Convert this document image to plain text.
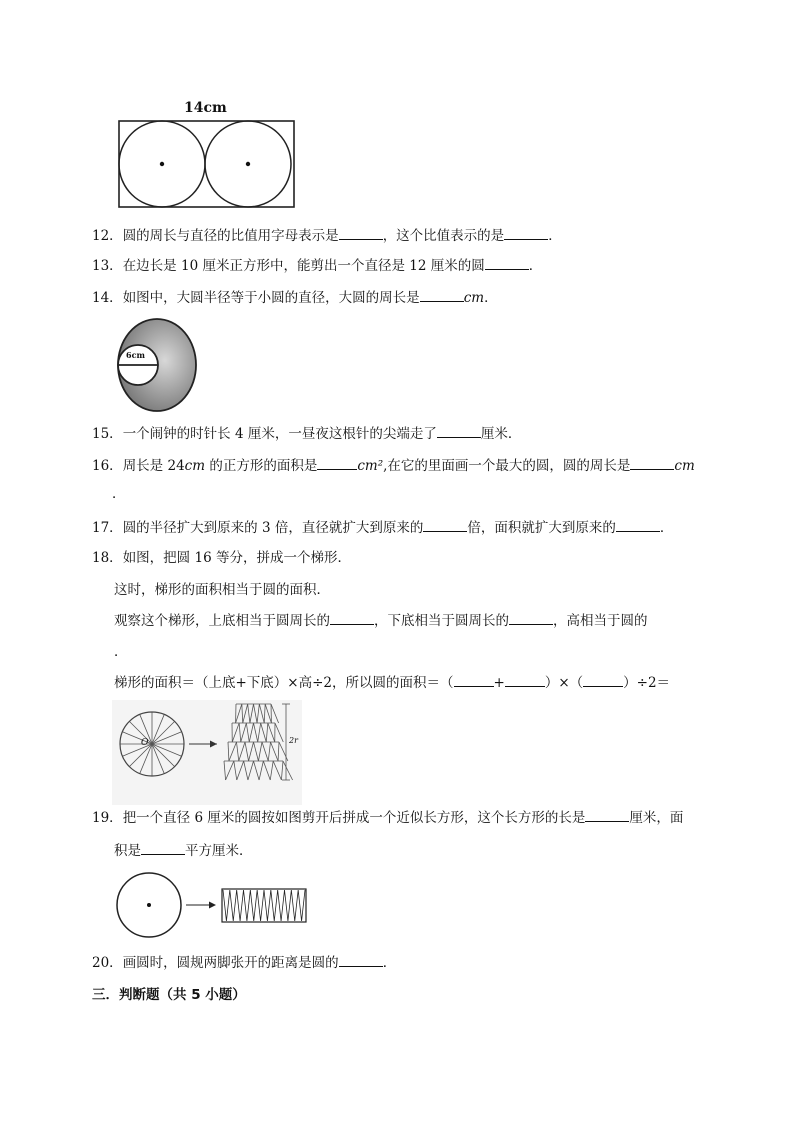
14cm
12．圆的周长与直径的比值用字母表示是	，这个比值表示的是	．
13．在边长是 10 厘米正方形中，能剪出一个直径是 12 厘米的圆	．
14．如图中，大圆半径等于小圆的直径，大圆的周长是	cm．
6cm
15．一个闹钟的时针长 4 厘米，一昼夜这根针的尖端走了	厘米．
16．周长是 24cm 的正方形的面积是	cm²,在它的里面画一个最大的圆，圆的周长是	cm
．
17．圆的半径扩大到原来的 3 倍，直径就扩大到原来的	倍，面积就扩大到原来的	．
18．如图，把圆 16 等分，拼成一个梯形．
这时，梯形的面积相当于圆的面积．
观察这个梯形，上底相当于圆周长的	，下底相当于圆周长的	，高相当于圆的
．
梯形的面积＝（上底+下底）×高÷2，所以圆的面积＝（	+	）×（	）÷2＝
O	2r
19．把一个直径 6 厘米的圆按如图剪开后拼成一个近似长方形，这个长方形的长是	厘米，面
积是	平方厘米．
20．画圆时，圆规两脚张开的距离是圆的	．
三．判断题（共 5 小题）
